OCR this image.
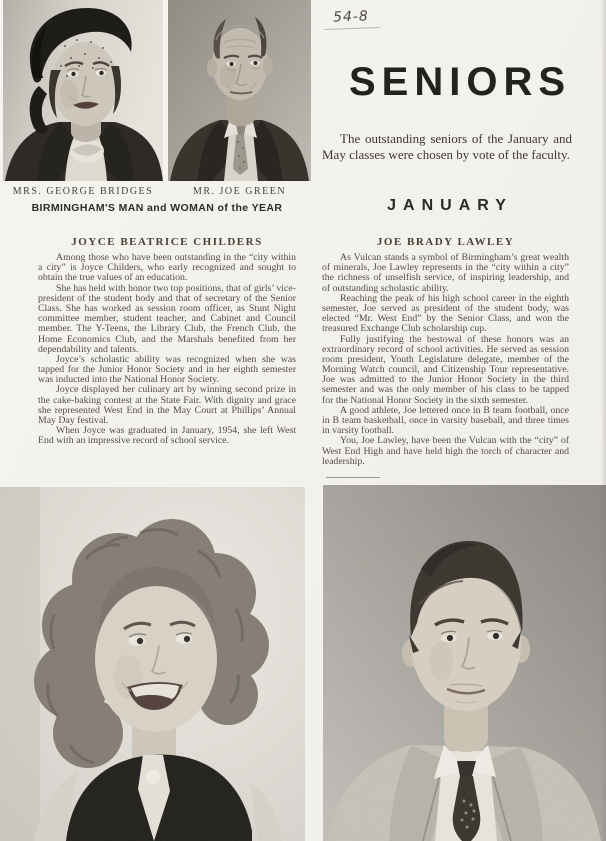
54-8
SENIORS

The outstanding seniors of the January and May classes were chosen by vote of the faculty.

JANUARY

MRS. GEORGE BRIDGES	MR. JOE GREEN

BIRMINGHAM'S MAN and WOMAN of the YEAR

JOYCE BEATRICE CHILDERS

Among those who have been outstanding in the “city within a city” is Joyce Childers, who early recognized and sought to obtain the true values of an education.

She has held with honor two top positions, that of girls’ vice-president of the student body and that of secretary of the Senior Class. She has worked as session room officer, as Stunt Night committee member, student teacher, and Cabinet and Council member. The Y-Teens, the Library Club, the French Club, the Home Economics Club, and the Marshals benefited from her dependability and talents.

Joyce’s scholastic ability was recognized when she was tapped for the Junior Honor Society and in her eighth semester was inducted into the National Honor Society.

Joyce displayed her culinary art by winning second prize in the cake-baking contest at the State Fair. With dignity and grace she represented West End in the May Court at Phillips’ Annual May Day festival.

When Joyce was graduated in January, 1954, she left West End with an impressive record of school service.

JOE BRADY LAWLEY

As Vulcan stands a symbol of Birmingham’s great wealth of minerals, Joe Lawley represents in the “city within a city” the richness of unselfish service, of inspiring leadership, and of outstanding scholastic ability.

Reaching the peak of his high school career in the eighth semester, Joe served as president of the student body, was elected “Mr. West End” by the Senior Class, and won the treasured Exchange Club scholarship cup.

Fully justifying the bestowal of these honors was an extraordinary record of school activities. He served as session room president, Youth Legislature delegate, member of the Morning Watch council, and Citizenship Tour representative. Joe was admitted to the Junior Honor Society in the third semester and was the only member of his class to be tapped for the National Honor Society in the sixth semester.

A good athlete, Joe lettered once in B team football, once in B team basketball, once in varsity baseball, and three times in varsity football.

You, Joe Lawley, have been the Vulcan with the “city” of West End High and have held high the torch of character and leadership.
